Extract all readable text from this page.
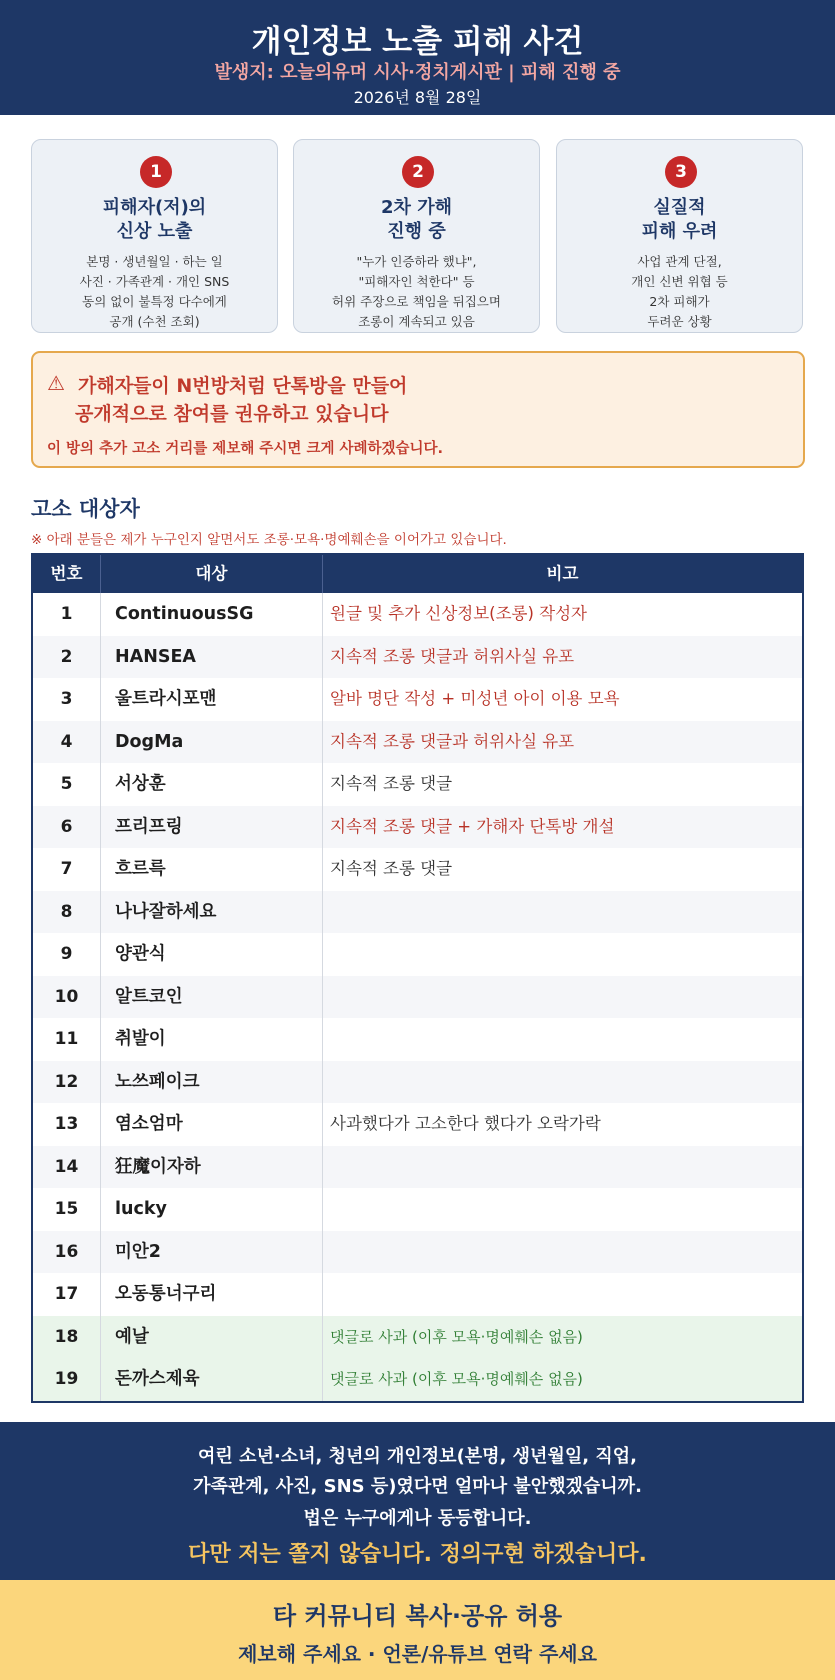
개인정보 노출 피해 사건
발생지: 오늘의유머 시사·정치게시판 | 피해 진행 중
2026년 8월 28일
1
피해자(저)의
신상 노출
본명 · 생년월일 · 하는 일
사진 · 가족관계 · 개인 SNS
동의 없이 불특정 다수에게
공개 (수천 조회)
2
2차 가해
진행 중
"누가 인증하라 했냐",
"피해자인 척한다" 등
허위 주장으로 책임을 뒤집으며
조롱이 계속되고 있음
3
실질적
피해 우려
사업 관계 단절,
개인 신변 위협 등
2차 피해가
두려운 상황
⚠ 가해자들이 N번방처럼 단톡방을 만들어
공개적으로 참여를 권유하고 있습니다
이 방의 추가 고소 거리를 제보해 주시면 크게 사례하겠습니다.
고소 대상자
※ 아래 분들은 제가 누구인지 알면서도 조롱·모욕·명예훼손을 이어가고 있습니다.
번호	대상	비고
1	ContinuousSG	원글 및 추가 신상정보(조롱) 작성자
2	HANSEA	지속적 조롱 댓글과 허위사실 유포
3	울트라시포맨	알바 명단 작성 + 미성년 아이 이용 모욕
4	DogMa	지속적 조롱 댓글과 허위사실 유포
5	서상훈	지속적 조롱 댓글
6	프리프링	지속적 조롱 댓글 + 가해자 단톡방 개설
7	흐르륵	지속적 조롱 댓글
8	나나잘하세요
9	양관식
10	알트코인
11	취발이
12	노쓰페이크
13	염소엄마	사과했다가 고소한다 했다가 오락가락
14	狂魔이자하
15	lucky
16	미안2
17	오동통너구리
18	예날	댓글로 사과 (이후 모욕·명예훼손 없음)
19	돈까스제육	댓글로 사과 (이후 모욕·명예훼손 없음)
여린 소년·소녀, 청년의 개인정보(본명, 생년월일, 직업,
가족관계, 사진, SNS 등)였다면 얼마나 불안했겠습니까.
법은 누구에게나 동등합니다.
다만 저는 쫄지 않습니다. 정의구현 하겠습니다.
타 커뮤니티 복사·공유 허용
제보해 주세요 · 언론/유튜브 연락 주세요
